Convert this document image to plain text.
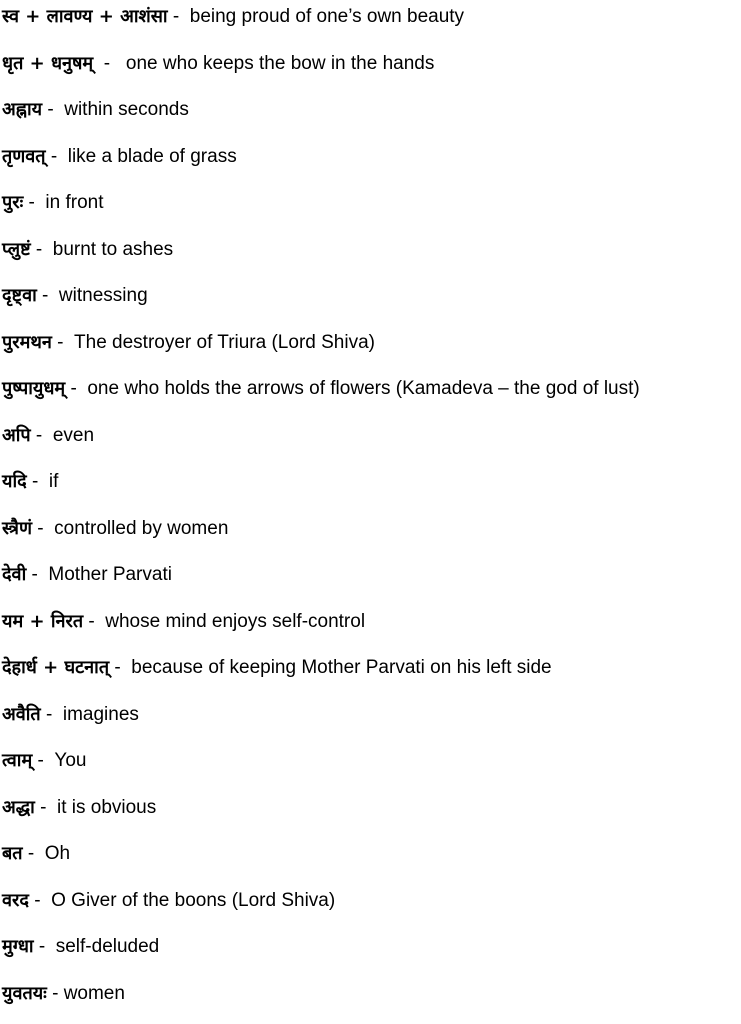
स्व + लावण्य + आशंसा - being proud of one’s own beauty
धृत + धनुषम् - one who keeps the bow in the hands
अह्नाय - within seconds
तृणवत् - like a blade of grass
पुरः - in front
प्लुष्टं - burnt to ashes
दृष्ट्वा - witnessing
पुरमथन - The destroyer of Triura (Lord Shiva)
पुष्पायुधम् - one who holds the arrows of flowers (Kamadeva – the god of lust)
अपि - even
यदि - if
स्त्रैणं - controlled by women
देवी - Mother Parvati
यम + निरत - whose mind enjoys self-control
देहार्ध + घटनात् - because of keeping Mother Parvati on his left side
अवैति - imagines
त्वाम् - You
अद्धा - it is obvious
बत - Oh
वरद - O Giver of the boons (Lord Shiva)
मुग्धा - self-deluded
युवतयः - women
